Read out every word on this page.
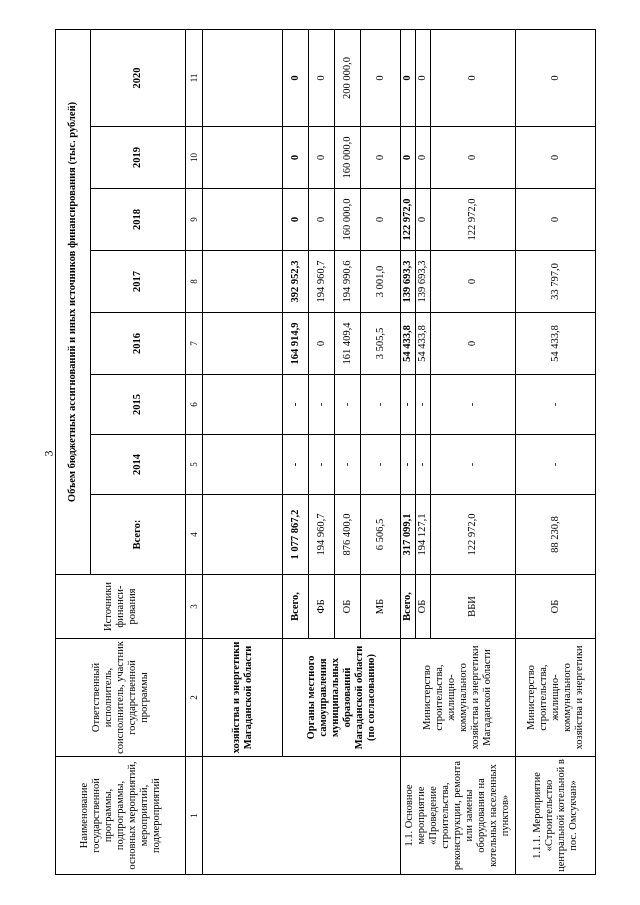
3
Наименование государственной программы, подпрограммы, основных мероприятий, мероприятий, подмероприятий	Ответственный исполнитель, соисполнитель, участник государственной программы	Источники финанси-рования	Объем бюджетных ассигнований и иных источников финансирования (тыс. рублей)							
			Всего:	2014	2015	2016	2017	2018	2019	2020
1	2	3	4	5	6	7	8	9	10	11
	хозяйства и энергетики Магаданской области									
	Органы местного самоуправления муниципальных образований Магаданской области (по согласованию)	Всего,	1 077 867,2	-	-	164 914,9	392 952,3	0	0	0
		ФБ	194 960,7	-	-	0	194 960,7	0	0	0
		ОБ	876 400,0	-	-	161 409,4	194 990,6	160 000,0	160 000,0	200 000,0
		МБ	6 506,5	-	-	3 505,5	3 001,0	0	0	0
1.1. Основное мероприятие «Проведение строительства, реконструкции, ремонта или замены оборудования на котельных населенных пунктов»	Министерство строительства, жилищно-коммунального хозяйства и энергетики Магаданской области	Всего,	317 099,1	-	-	54 433,8	139 693,3	122 972,0	0	0
		ОБ	194 127,1	-	-	54 433,8	139 693,3	0	0	0
		ВБИ	122 972,0	-	-	0	0	122 972,0	0	0
1.1.1. Мероприятие «Строительство центральной котельной в пос. Омсукчан»	Министерство строительства, жилищно-коммунального хозяйства и энергетики	ОБ	88 230,8	-	-	54 433,8	33 797,0	0	0	0
